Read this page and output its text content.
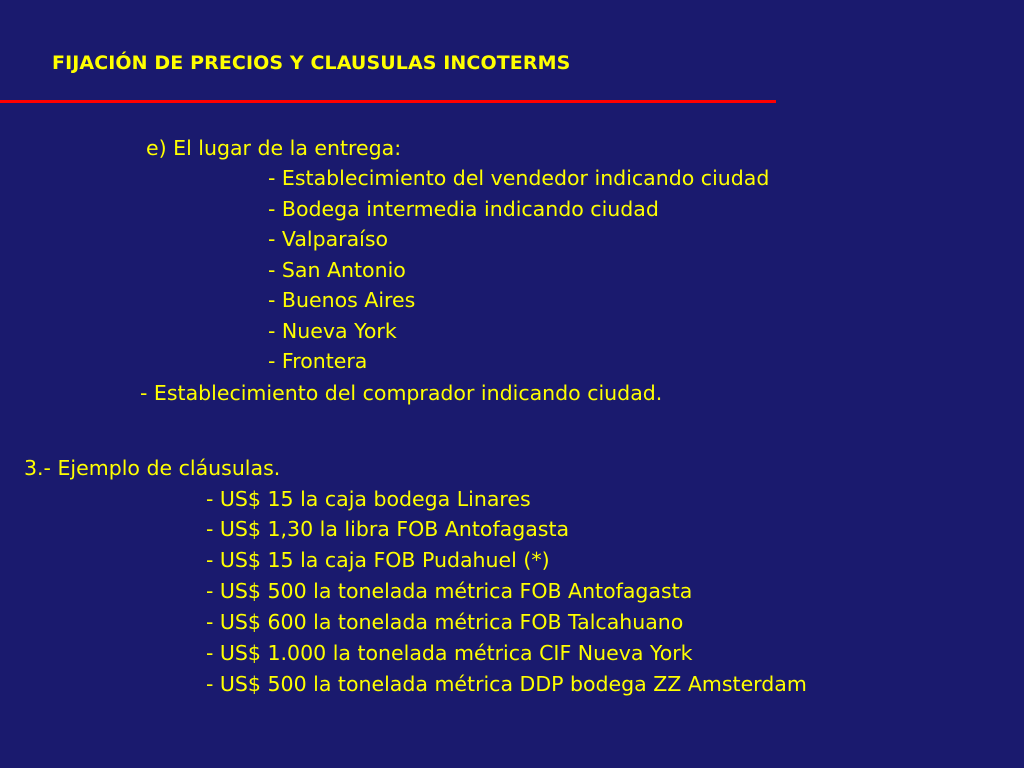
FIJACIÓN DE PRECIOS Y CLAUSULAS INCOTERMS
e) El lugar de la entrega:
- Establecimiento del vendedor indicando ciudad
- Bodega intermedia indicando ciudad
- Valparaíso
- San Antonio
- Buenos Aires
- Nueva York
- Frontera
- Establecimiento del comprador indicando ciudad.
3.- Ejemplo de cláusulas.
- US$ 15 la caja bodega Linares
- US$ 1,30 la libra FOB Antofagasta
- US$ 15 la caja FOB Pudahuel (*)
- US$ 500 la tonelada métrica FOB Antofagasta
- US$ 600 la tonelada métrica FOB Talcahuano
- US$ 1.000 la tonelada métrica CIF Nueva York
- US$ 500 la tonelada métrica DDP bodega ZZ Amsterdam
